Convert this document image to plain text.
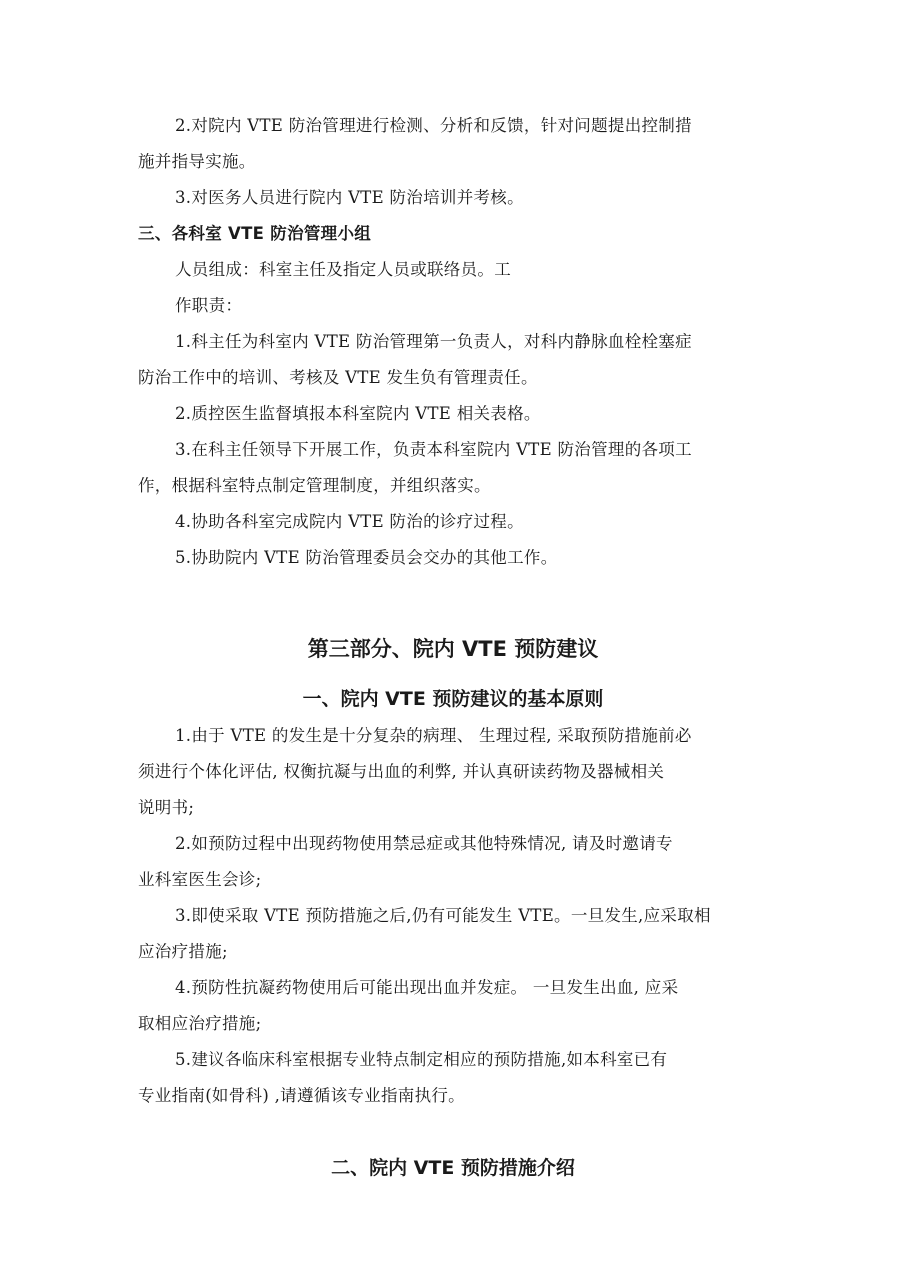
2.对院内 VTE 防治管理进行检测、分析和反馈，针对问题提出控制措
施并指导实施。
3.对医务人员进行院内 VTE 防治培训并考核。
三、各科室 VTE 防治管理小组
人员组成：科室主任及指定人员或联络员。工
作职责：
1.科主任为科室内 VTE 防治管理第一负责人，对科内静脉血栓栓塞症
防治工作中的培训、考核及 VTE 发生负有管理责任。
2.质控医生监督填报本科室院内 VTE 相关表格。
3.在科主任领导下开展工作，负责本科室院内 VTE 防治管理的各项工
作，根据科室特点制定管理制度，并组织落实。
4.协助各科室完成院内 VTE 防治的诊疗过程。
5.协助院内 VTE 防治管理委员会交办的其他工作。
第三部分、院内 VTE 预防建议
一、院内 VTE 预防建议的基本原则
1.由于 VTE 的发生是十分复杂的病理、 生理过程, 采取预防措施前必
须进行个体化评估, 权衡抗凝与出血的利弊, 并认真研读药物及器械相关
说明书;
2.如预防过程中出现药物使用禁忌症或其他特殊情况, 请及时邀请专
业科室医生会诊;
3.即使采取 VTE 预防措施之后,仍有可能发生 VTE。一旦发生,应采取相
应治疗措施;
4.预防性抗凝药物使用后可能出现出血并发症。 一旦发生出血, 应采
取相应治疗措施;
5.建议各临床科室根据专业特点制定相应的预防措施,如本科室已有
专业指南(如骨科) ,请遵循该专业指南执行。
二、院内 VTE 预防措施介绍
